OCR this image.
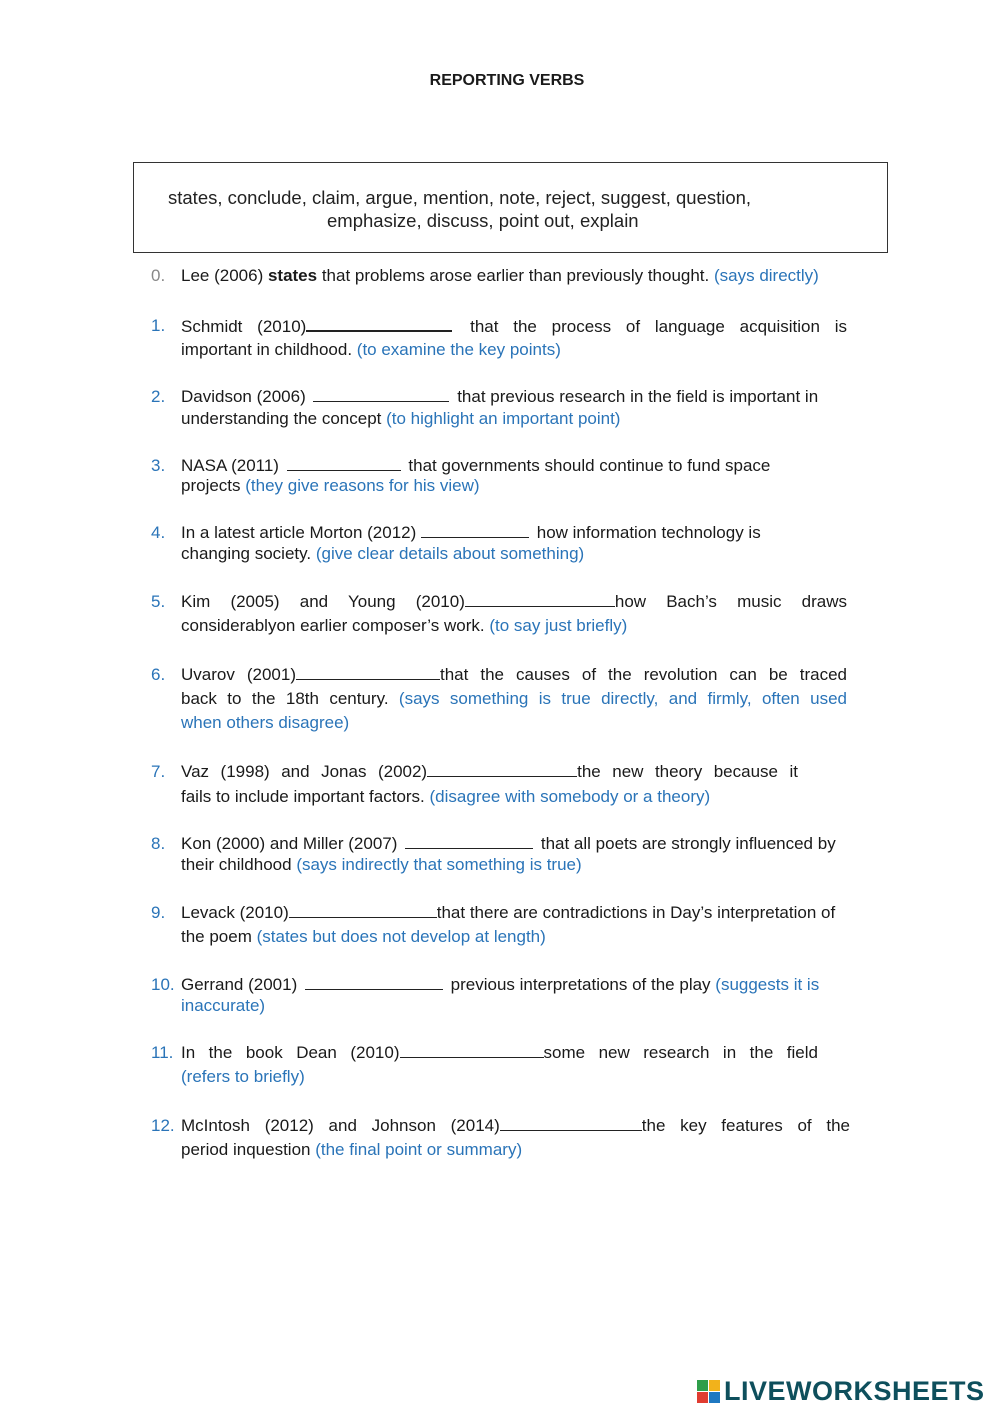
REPORTING VERBS
states, conclude, claim, argue, mention, note, reject, suggest, question,
emphasize, discuss, point out, explain
0. Lee (2006) states that problems arose earlier than previously thought. (says directly)
1. Schmidt (2010)	that the process of language acquisition is
important in childhood. (to examine the key points)
2. Davidson (2006)	that previous research in the field is important in
understanding the concept (to highlight an important point)
3. NASA (2011)	that governments should continue to fund space
projects (they give reasons for his view)
4. In a latest article Morton (2012)	how information technology is
changing society. (give clear details about something)
5. Kim (2005) and Young (2010)	how Bach’s music draws
considerablyon earlier composer’s work. (to say just briefly)
6. Uvarov (2001)	that the causes of the revolution can be traced
back to the 18th century. (says something is true directly, and firmly, often used
when others disagree)
7. Vaz (1998) and Jonas (2002)	the new theory because it
fails to include important factors. (disagree with somebody or a theory)
8. Kon (2000) and Miller (2007)	that all poets are strongly influenced by
their childhood (says indirectly that something is true)
9. Levack (2010)	that there are contradictions in Day’s interpretation of
the poem (states but does not develop at length)
10. Gerrand (2001)	previous interpretations of the play (suggests it is
inaccurate)
11. In the book Dean (2010)	some new research in the field
(refers to briefly)
12. McIntosh (2012) and Johnson (2014)	the key features of the
period inquestion (the final point or summary)
LIVEWORKSHEETS
